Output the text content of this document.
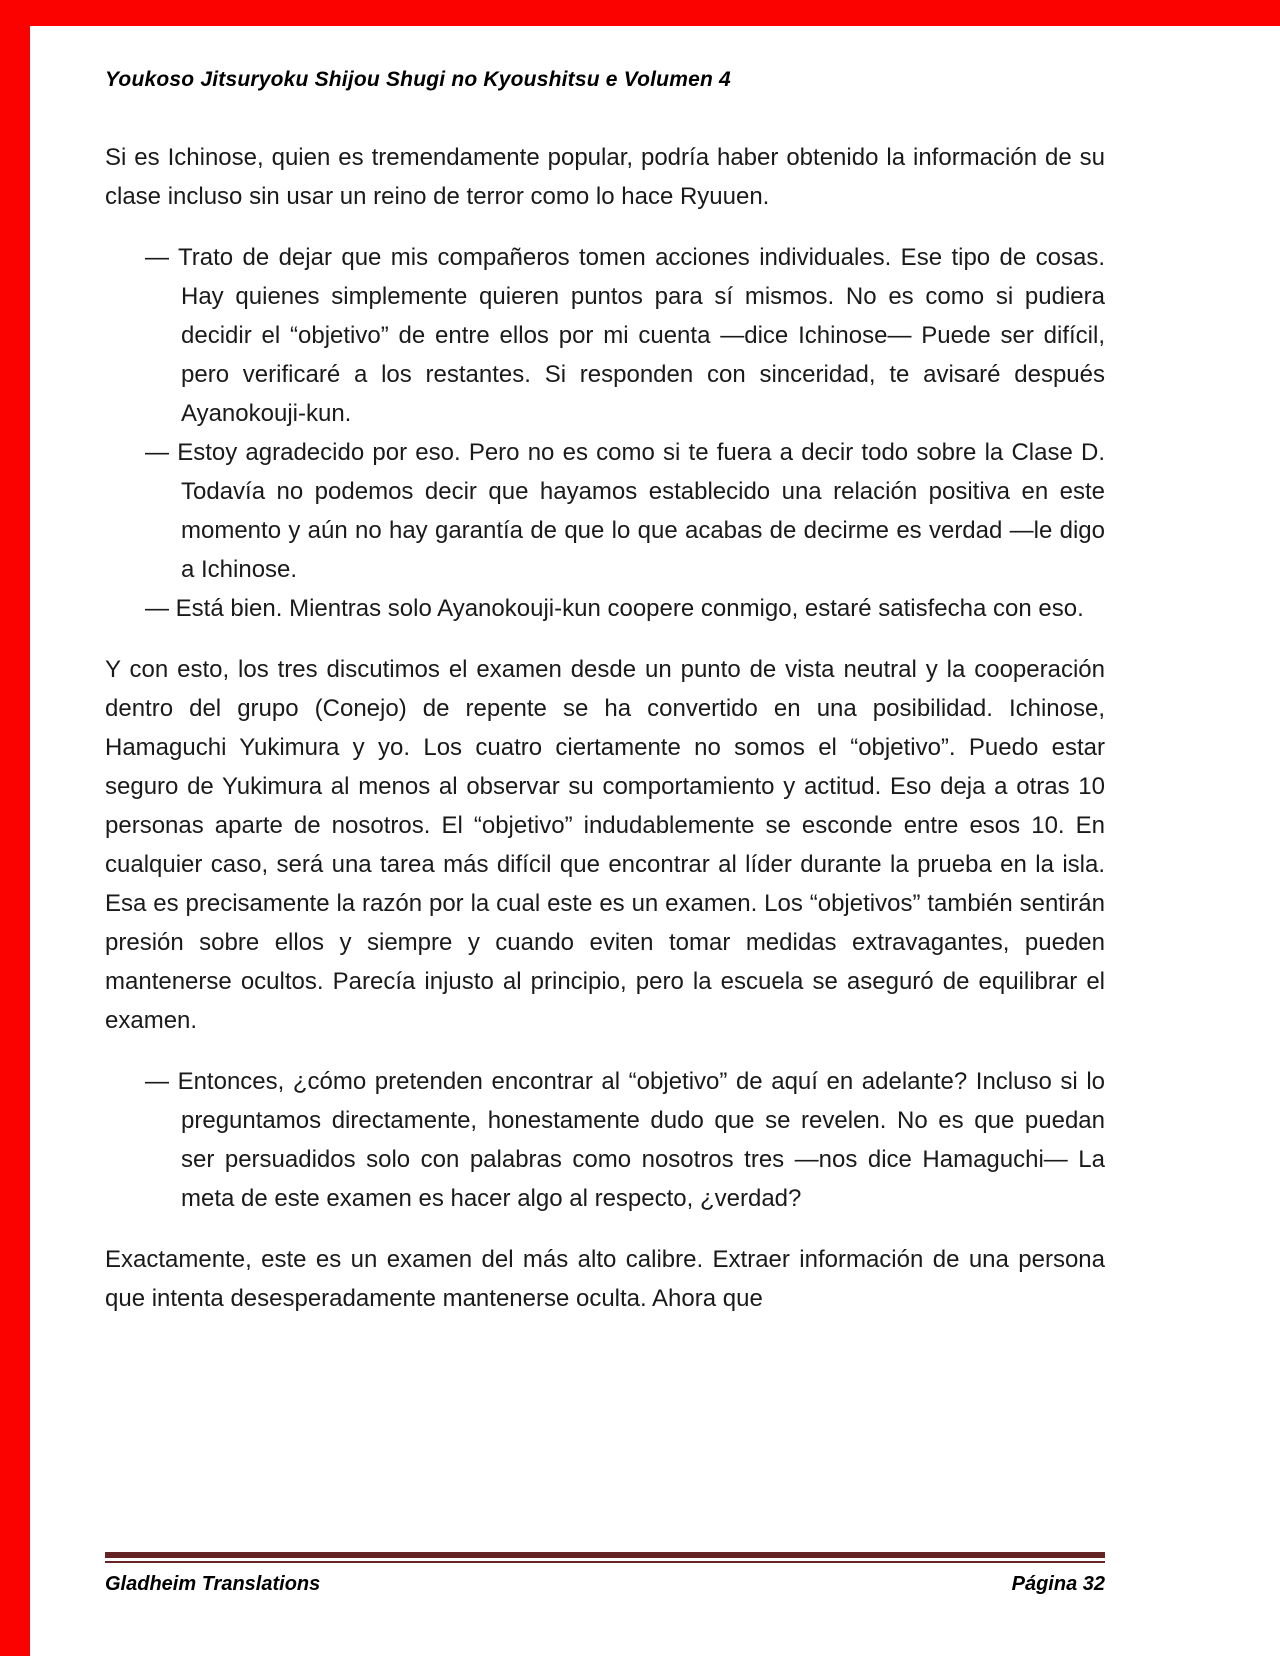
Youkoso Jitsuryoku Shijou Shugi no Kyoushitsu e Volumen 4

Si es Ichinose, quien es tremendamente popular, podría haber obtenido la información de su clase incluso sin usar un reino de terror como lo hace Ryuuen.

— Trato de dejar que mis compañeros tomen acciones individuales. Ese tipo de cosas. Hay quienes simplemente quieren puntos para sí mismos. No es como si pudiera decidir el “objetivo” de entre ellos por mi cuenta —dice Ichinose— Puede ser difícil, pero verificaré a los restantes. Si responden con sinceridad, te avisaré después Ayanokouji-kun.

— Estoy agradecido por eso. Pero no es como si te fuera a decir todo sobre la Clase D. Todavía no podemos decir que hayamos establecido una relación positiva en este momento y aún no hay garantía de que lo que acabas de decirme es verdad —le digo a Ichinose.

— Está bien. Mientras solo Ayanokouji-kun coopere conmigo, estaré satisfecha con eso.

Y con esto, los tres discutimos el examen desde un punto de vista neutral y la cooperación dentro del grupo (Conejo) de repente se ha convertido en una posibilidad. Ichinose, Hamaguchi Yukimura y yo. Los cuatro ciertamente no somos el “objetivo”. Puedo estar seguro de Yukimura al menos al observar su comportamiento y actitud. Eso deja a otras 10 personas aparte de nosotros. El “objetivo” indudablemente se esconde entre esos 10. En cualquier caso, será una tarea más difícil que encontrar al líder durante la prueba en la isla. Esa es precisamente la razón por la cual este es un examen. Los “objetivos” también sentirán presión sobre ellos y siempre y cuando eviten tomar medidas extravagantes, pueden mantenerse ocultos. Parecía injusto al principio, pero la escuela se aseguró de equilibrar el examen.

— Entonces, ¿cómo pretenden encontrar al “objetivo” de aquí en adelante? Incluso si lo preguntamos directamente, honestamente dudo que se revelen. No es que puedan ser persuadidos solo con palabras como nosotros tres —nos dice Hamaguchi— La meta de este examen es hacer algo al respecto, ¿verdad?

Exactamente, este es un examen del más alto calibre. Extraer información de una persona que intenta desesperadamente mantenerse oculta. Ahora que

Gladheim Translations	Página 32
